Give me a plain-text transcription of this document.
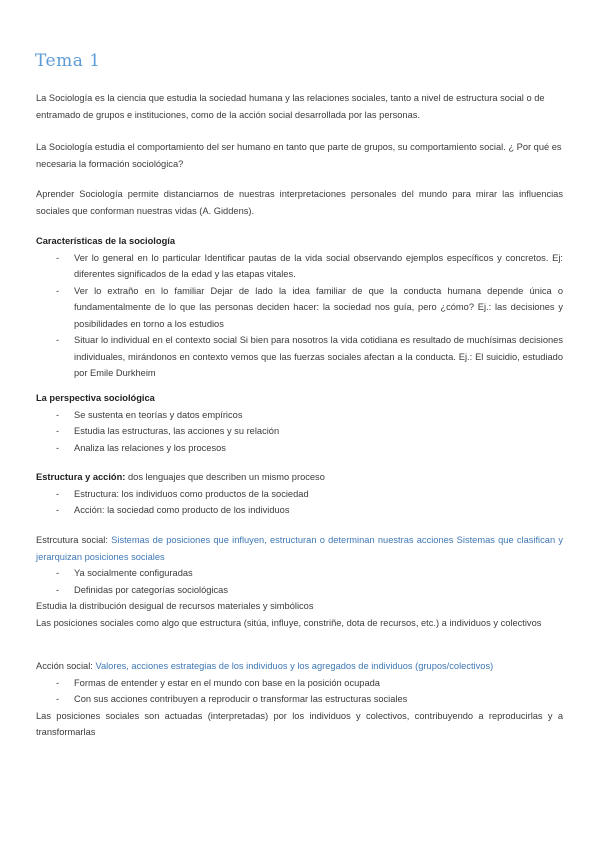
Tema 1
La Sociología es la ciencia que estudia la sociedad humana y las relaciones sociales, tanto a nivel de estructura social o de entramado de grupos e instituciones, como de la acción social desarrollada por las personas.
La Sociología estudia el comportamiento del ser humano en tanto que parte de grupos, su comportamiento social. ¿ Por qué es necesaria la formación sociológica?
Aprender Sociología permite distanciarnos de nuestras interpretaciones personales del mundo para mirar las influencias sociales que conforman nuestras vidas (A. Giddens).
Características de la sociología
- Ver lo general en lo particular Identificar pautas de la vida social observando ejemplos específicos y concretos. Ej: diferentes significados de la edad y las etapas vitales.
- Ver lo extraño en lo familiar Dejar de lado la idea familiar de que la conducta humana depende única o fundamentalmente de lo que las personas deciden hacer: la sociedad nos guía, pero ¿cómo? Ej.: las decisiones y posibilidades en torno a los estudios
- Situar lo individual en el contexto social Si bien para nosotros la vida cotidiana es resultado de muchísimas decisiones individuales, mirándonos en contexto vemos que las fuerzas sociales afectan a la conducta. Ej.: El suicidio, estudiado por Emile Durkheim
La perspectiva sociológica
- Se sustenta en teorías y datos empíricos
- Estudia las estructuras, las acciones y su relación
- Analiza las relaciones y los procesos
Estructura y acción: dos lenguajes que describen un mismo proceso
- Estructura: los individuos como productos de la sociedad
- Acción: la sociedad como producto de los individuos
Estrcutura social: Sistemas de posiciones que influyen, estructuran o determinan nuestras acciones Sistemas que clasifican y jerarquizan posiciones sociales
- Ya socialmente configuradas
- Definidas por categorías sociológicas
Estudia la distribución desigual de recursos materiales y simbólicos
Las posiciones sociales como algo que estructura (sitúa, influye, constriñe, dota de recursos, etc.) a individuos y colectivos
Acción social: Valores, acciones estrategias de los individuos y los agregados de individuos (grupos/colectivos)
- Formas de entender y estar en el mundo con base en la posición ocupada
- Con sus acciones contribuyen a reproducir o transformar las estructuras sociales
Las posiciones sociales son actuadas (interpretadas) por los individuos y colectivos, contribuyendo a reproducirlas y a transformarlas
